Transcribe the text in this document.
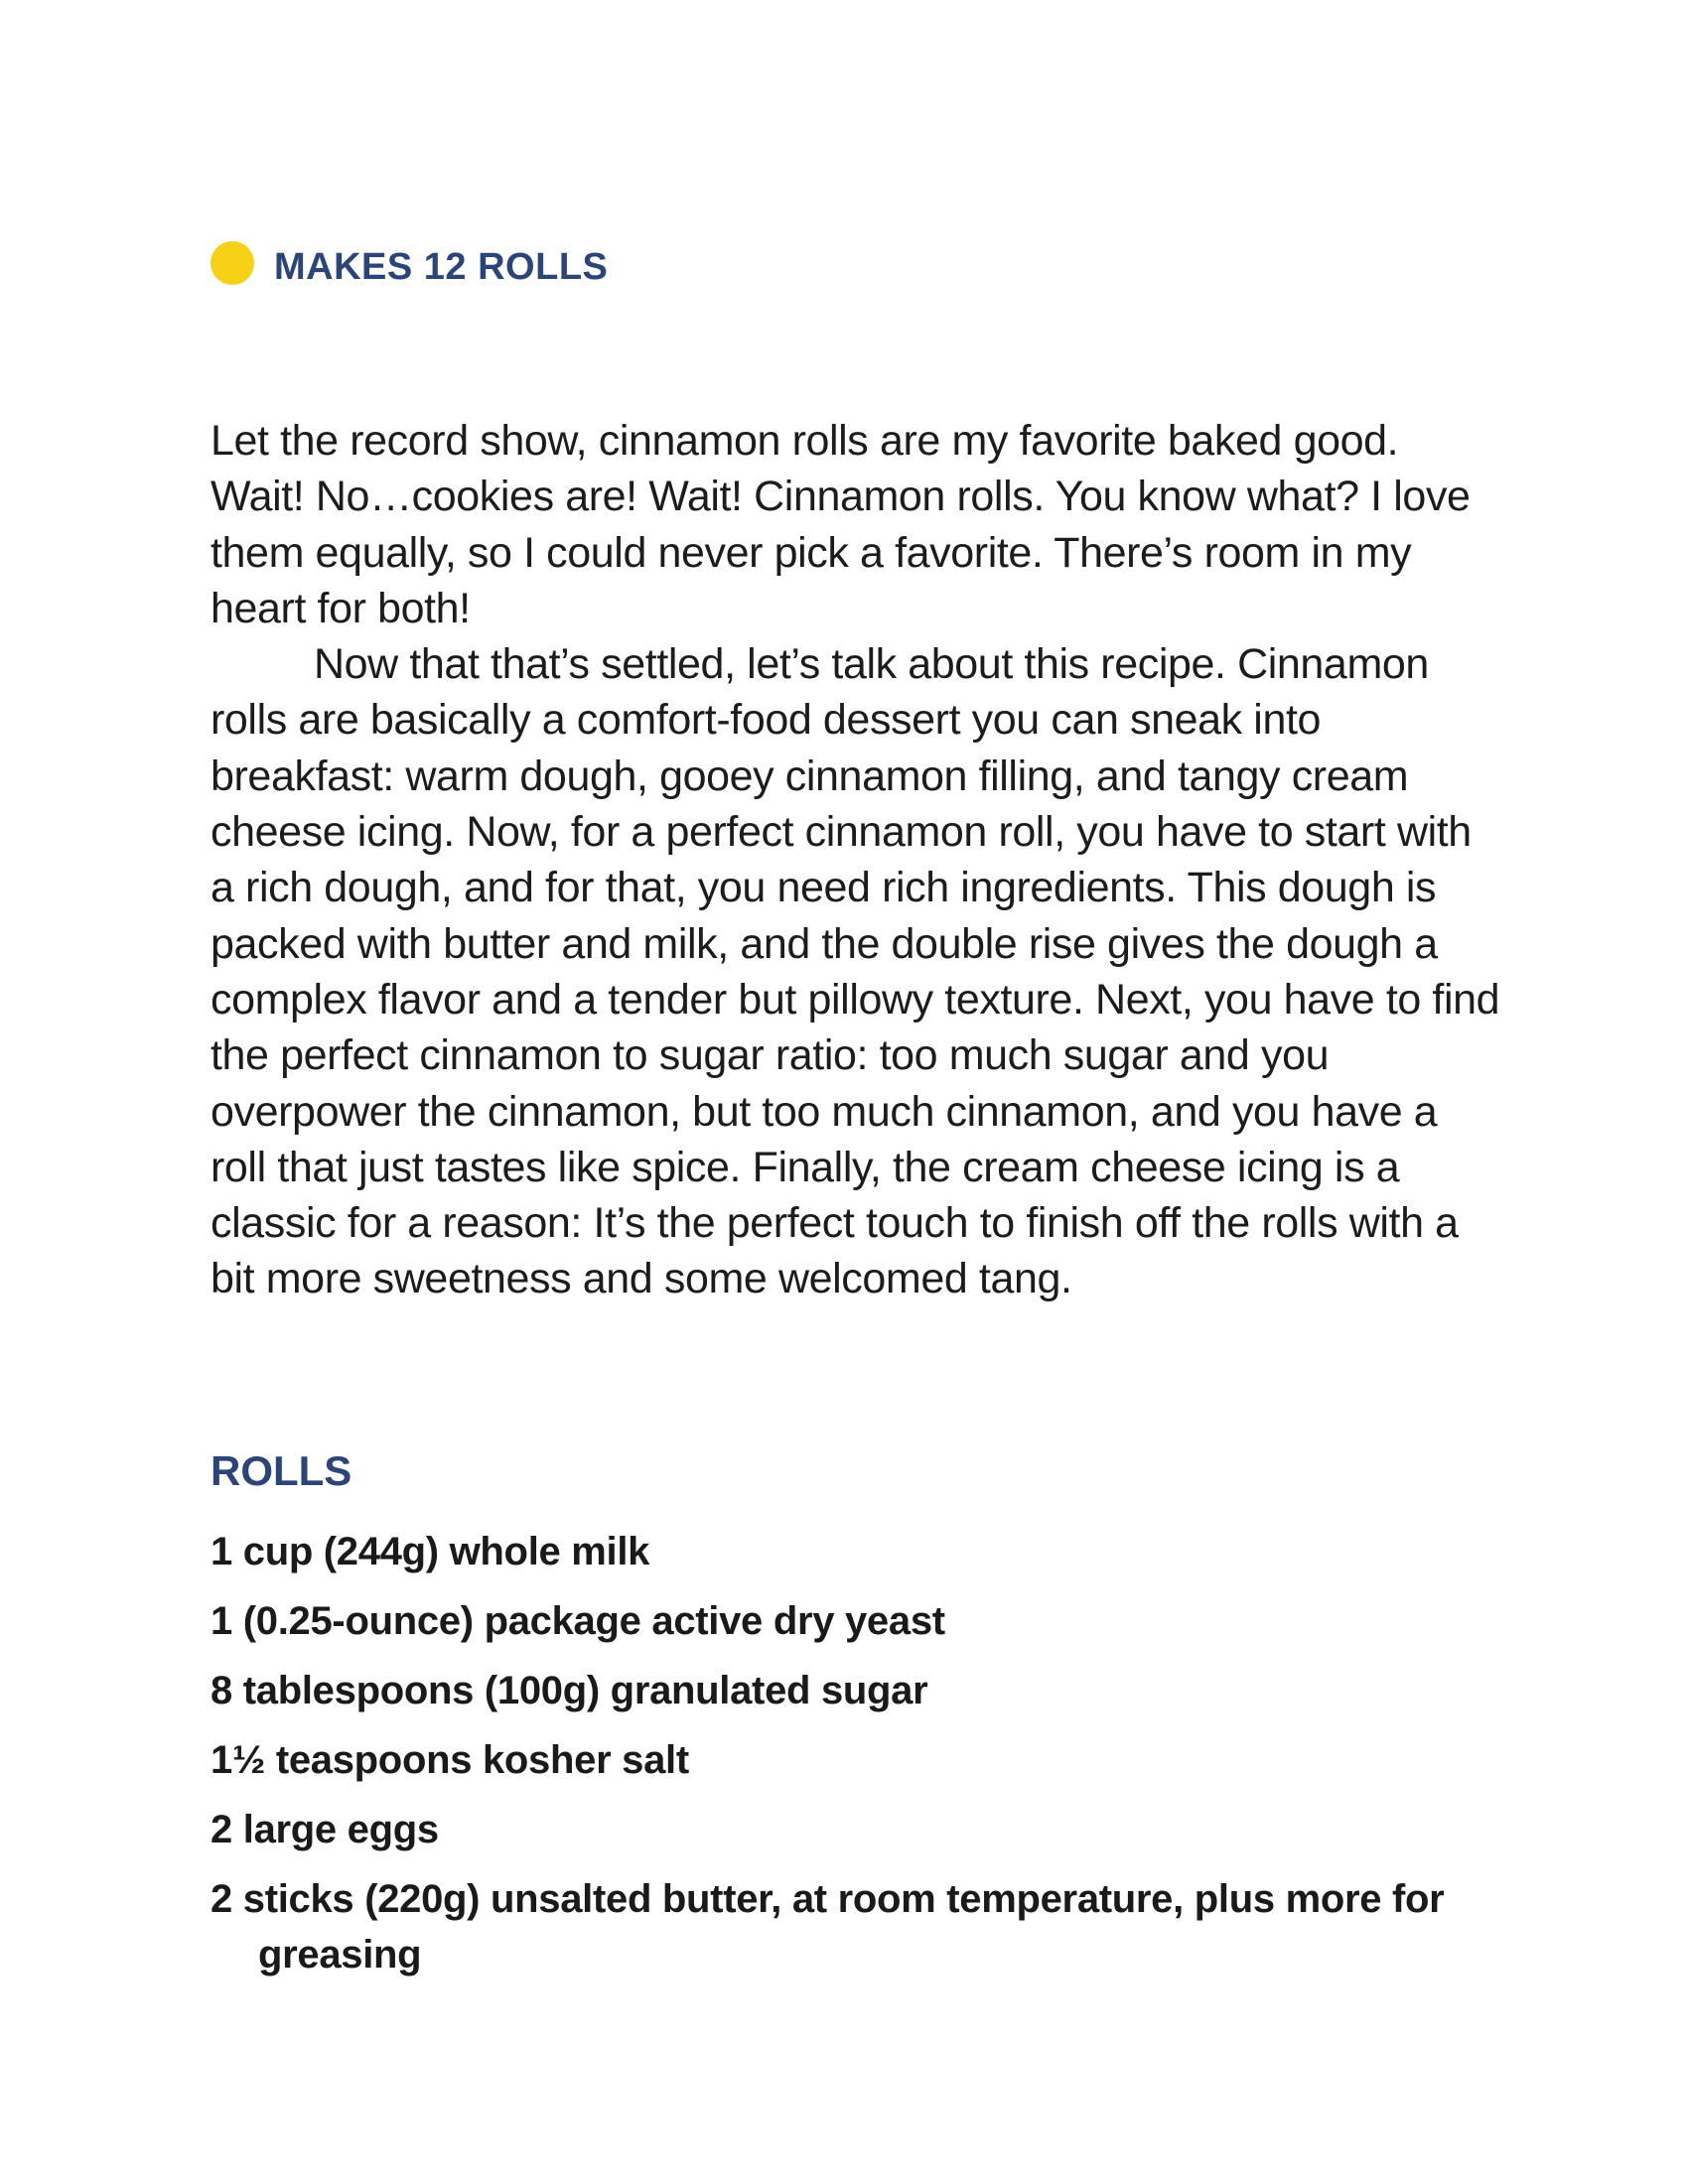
MAKES 12 ROLLS

Let the record show, cinnamon rolls are my favorite baked good. Wait! No…cookies are! Wait! Cinnamon rolls. You know what? I love them equally, so I could never pick a favorite. There’s room in my heart for both!

Now that that’s settled, let’s talk about this recipe. Cinnamon rolls are basically a comfort-food dessert you can sneak into breakfast: warm dough, gooey cinnamon filling, and tangy cream cheese icing. Now, for a perfect cinnamon roll, you have to start with a rich dough, and for that, you need rich ingredients. This dough is packed with butter and milk, and the double rise gives the dough a complex flavor and a tender but pillowy texture. Next, you have to find the perfect cinnamon to sugar ratio: too much sugar and you overpower the cinnamon, but too much cinnamon, and you have a roll that just tastes like spice. Finally, the cream cheese icing is a classic for a reason: It’s the perfect touch to finish off the rolls with a bit more sweetness and some welcomed tang.

ROLLS
1 cup (244g) whole milk
1 (0.25-ounce) package active dry yeast
8 tablespoons (100g) granulated sugar
1½ teaspoons kosher salt
2 large eggs
2 sticks (220g) unsalted butter, at room temperature, plus more for greasing
